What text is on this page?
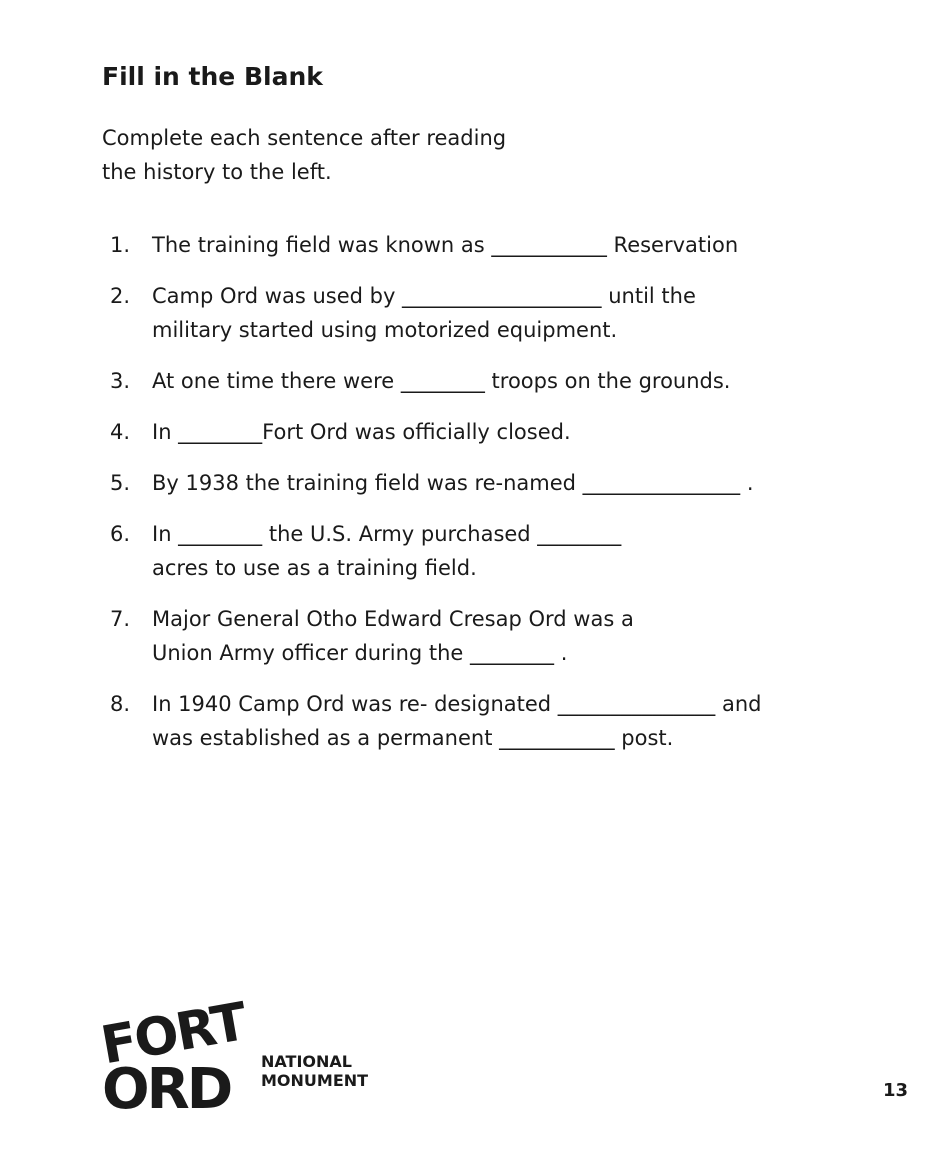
Fill in the Blank

Complete each sentence after reading
the history to the left.

1. The training field was known as ___________ Reservation
2. Camp Ord was used by ___________________ until the
military started using motorized equipment.
3. At one time there were ________ troops on the grounds.
4. In ________Fort Ord was officially closed.
5. By 1938 the training field was re-named _______________ .
6. In ________ the U.S. Army purchased ________
acres to use as a training field.
7. Major General Otho Edward Cresap Ord was a
Union Army officer during the ________ .
8. In 1940 Camp Ord was re- designated _______________ and
was established as a permanent ___________ post.
FORT
ORD NATIONAL
MONUMENT	13
